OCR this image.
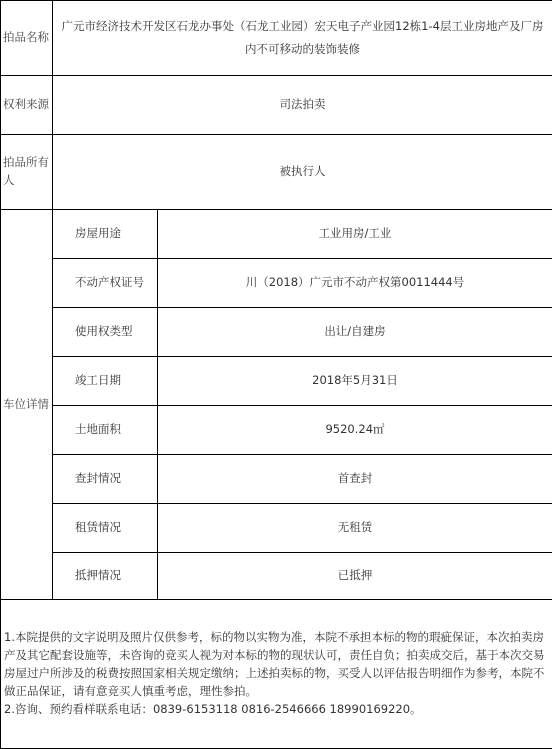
拍品名称	广元市经济技术开发区石龙办事处（石龙工业园）宏天电子产业园12栋1-4层工业房地产及厂房内不可移动的装饰装修	
权利来源	司法拍卖	
拍品所有人	被执行人	
车位详情	房屋用途	工业用房/工业
	不动产权证号	川（2018）广元市不动产权第0011444号
	使用权类型	出让/自建房
	竣工日期	2018年5月31日
	土地面积	9520.24㎡
	查封情况	首查封
	租赁情况	无租赁
	抵押情况	已抵押

1.本院提供的文字说明及照片仅供参考，标的物以实物为准，本院不承担本标的物的瑕疵保证，本次拍卖房产及其它配套设施等，未咨询的竞买人视为对本标的物的现状认可，责任自负；拍卖成交后，基于本次交易房屋过户所涉及的税费按照国家相关规定缴纳；上述拍卖标的物，买受人以评估报告明细作为参考，本院不做正品保证，请有意竞买人慎重考虑，理性参拍。
2.咨询、预约看样联系电话：0839-6153118 0816-2546666 18990169220。		
